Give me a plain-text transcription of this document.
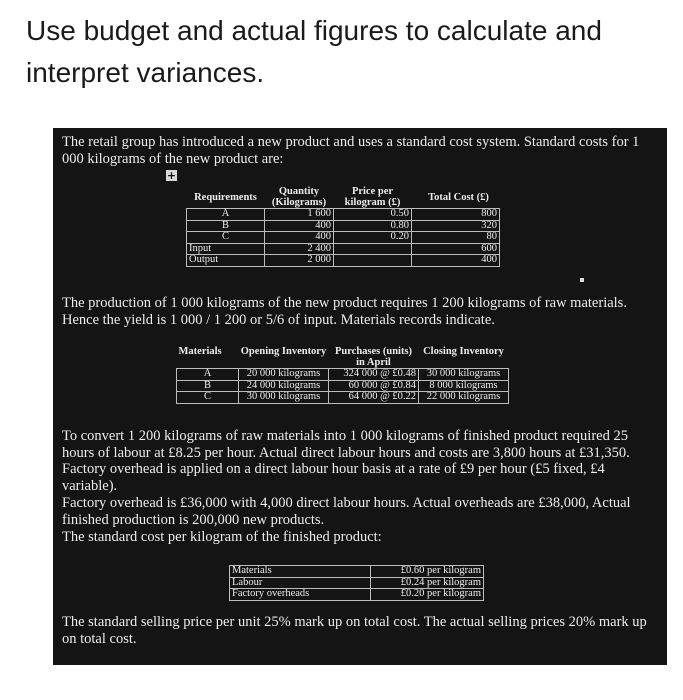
Use budget and actual figures to calculate and interpret variances.
The retail group has introduced a new product and uses a standard cost system. Standard costs for 1 000 kilograms of the new product are:
+
Requirements	Quantity (Kilograms)	Price per kilogram (£)	Total Cost (£)
A	1 600	0.50	800
B	400	0.80	320
C	400	0.20	80
Input	2 400		600
Output	2 000		400
The production of 1 000 kilograms of the new product requires 1 200 kilograms of raw materials. Hence the yield is 1 000 / 1 200 or 5/6 of input. Materials records indicate.
Materials	Opening Inventory	Purchases (units) in April	Closing Inventory
A	20 000 kilograms	324 000 @ £0.48	30 000 kilograms
B	24 000 kilograms	60 000 @ £0.84	8 000 kilograms
C	30 000 kilograms	64 000 @ £0.22	22 000 kilograms
To convert 1 200 kilograms of raw materials into 1 000 kilograms of finished product required 25 hours of labour at £8.25 per hour. Actual direct labour hours and costs are 3,800 hours at £31,350. Factory overhead is applied on a direct labour hour basis at a rate of £9 per hour (£5 fixed, £4 variable).
Factory overhead is £36,000 with 4,000 direct labour hours. Actual overheads are £38,000, Actual finished production is 200,000 new products.
The standard cost per kilogram of the finished product:
Materials	£0.60 per kilogram
Labour	£0.24 per kilogram
Factory overheads	£0.20 per kilogram
The standard selling price per unit 25% mark up on total cost. The actual selling prices 20% mark up on total cost.
